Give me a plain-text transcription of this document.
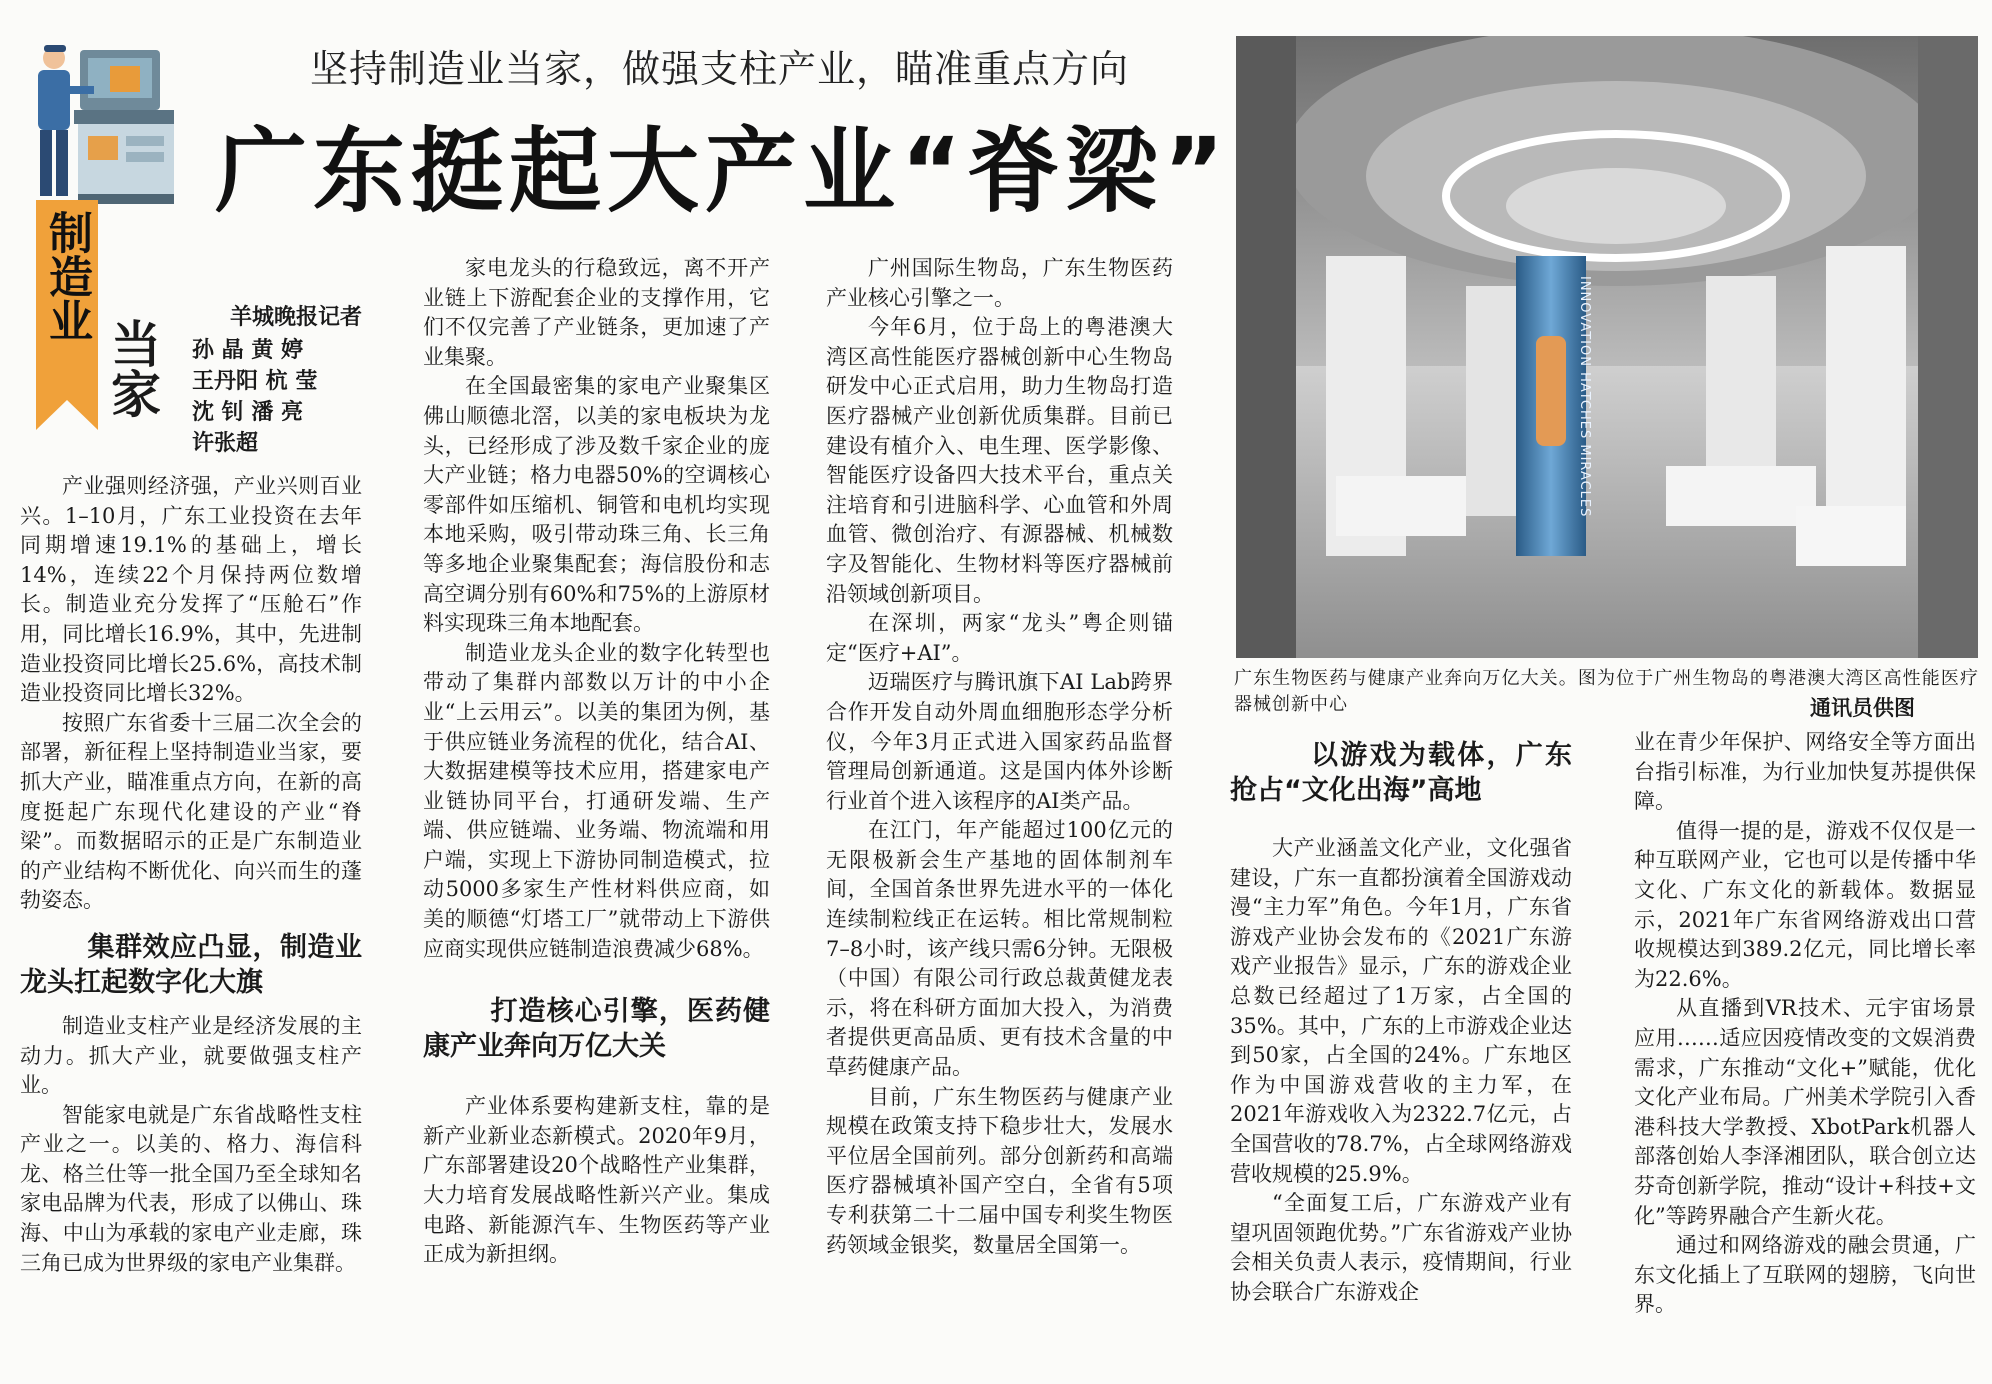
坚持制造业当家，做强支柱产业，瞄准重点方向
广东挺起大产业“脊梁”
制造业
当家
羊城晚报记者
孙 晶 黄 婷
王丹阳 杭 莹
沈 钊 潘 亮
许张超

产业强则经济强，产业兴则百业兴。1–10月，广东工业投资在去年同期增速19.1%的基础上，增长14%，连续22个月保持两位数增长。制造业充分发挥了“压舱石”作用，同比增长16.9%，其中，先进制造业投资同比增长25.6%，高技术制造业投资同比增长32%。

按照广东省委十三届二次全会的部署，新征程上坚持制造业当家，要抓大产业，瞄准重点方向，在新的高度挺起广东现代化建设的产业“脊梁”。而数据昭示的正是广东制造业的产业结构不断优化、向兴而生的蓬勃姿态。

集群效应凸显，制造业龙头扛起数字化大旗

制造业支柱产业是经济发展的主动力。抓大产业，就要做强支柱产业。

智能家电就是广东省战略性支柱产业之一。以美的、格力、海信科龙、格兰仕等一批全国乃至全球知名家电品牌为代表，形成了以佛山、珠海、中山为承载的家电产业走廊，珠三角已成为世界级的家电产业集群。

家电龙头的行稳致远，离不开产业链上下游配套企业的支撑作用，它们不仅完善了产业链条，更加速了产业集聚。

在全国最密集的家电产业聚集区佛山顺德北滘，以美的家电板块为龙头，已经形成了涉及数千家企业的庞大产业链；格力电器50%的空调核心零部件如压缩机、铜管和电机均实现本地采购，吸引带动珠三角、长三角等多地企业聚集配套；海信股份和志高空调分别有60%和75%的上游原材料实现珠三角本地配套。

制造业龙头企业的数字化转型也带动了集群内部数以万计的中小企业“上云用云”。以美的集团为例，基于供应链业务流程的优化，结合AI、大数据建模等技术应用，搭建家电产业链协同平台，打通研发端、生产端、供应链端、业务端、物流端和用户端，实现上下游协同制造模式，拉动5000多家生产性材料供应商，如美的顺德“灯塔工厂”就带动上下游供应商实现供应链制造浪费减少68%。

打造核心引擎，医药健康产业奔向万亿大关

产业体系要构建新支柱，靠的是新产业新业态新模式。2020年9月，广东部署建设20个战略性产业集群，大力培育发展战略性新兴产业。集成电路、新能源汽车、生物医药等产业正成为新担纲。

广州国际生物岛，广东生物医药产业核心引擎之一。

今年6月，位于岛上的粤港澳大湾区高性能医疗器械创新中心生物岛研发中心正式启用，助力生物岛打造医疗器械产业创新优质集群。目前已建设有植介入、电生理、医学影像、智能医疗设备四大技术平台，重点关注培育和引进脑科学、心血管和外周血管、微创治疗、有源器械、机械数字及智能化、生物材料等医疗器械前沿领域创新项目。

在深圳，两家“龙头”粤企则锚定“医疗+AI”。

迈瑞医疗与腾讯旗下AI Lab跨界合作开发自动外周血细胞形态学分析仪，今年3月正式进入国家药品监督管理局创新通道。这是国内体外诊断行业首个进入该程序的AI类产品。

在江门，年产能超过100亿元的无限极新会生产基地的固体制剂车间，全国首条世界先进水平的一体化连续制粒线正在运转。相比常规制粒7–8小时，该产线只需6分钟。无限极（中国）有限公司行政总裁黄健龙表示，将在科研方面加大投入，为消费者提供更高品质、更有技术含量的中草药健康产品。

目前，广东生物医药与健康产业规模在政策支持下稳步壮大，发展水平位居全国前列。部分创新药和高端医疗器械填补国产空白，全省有5项专利获第二十二届中国专利奖生物医药领域金银奖，数量居全国第一。

INNOVATION HATCHES MIRACLES
广东生物医药与健康产业奔向万亿大关。图为位于广州生物岛的粤港澳大湾区高性能医疗器械创新中心	通讯员供图
以游戏为载体，广东抢占“文化出海”高地

大产业涵盖文化产业，文化强省建设，广东一直都扮演着全国游戏动漫“主力军”角色。今年1月，广东省游戏产业协会发布的《2021广东游戏产业报告》显示，广东的游戏企业总数已经超过了1万家，占全国的35%。其中，广东的上市游戏企业达到50家，占全国的24%。广东地区作为中国游戏营收的主力军，在2021年游戏收入为2322.7亿元，占全国营收的78.7%，占全球网络游戏营收规模的25.9%。

“全面复工后，广东游戏产业有望巩固领跑优势。”广东省游戏产业协会相关负责人表示，疫情期间，行业协会联合广东游戏企

业在青少年保护、网络安全等方面出台指引标准，为行业加快复苏提供保障。

值得一提的是，游戏不仅仅是一种互联网产业，它也可以是传播中华文化、广东文化的新载体。数据显示，2021年广东省网络游戏出口营收规模达到389.2亿元，同比增长率为22.6%。

从直播到VR技术、元宇宙场景应用……适应因疫情改变的文娱消费需求，广东推动“文化+”赋能，优化文化产业布局。广州美术学院引入香港科技大学教授、XbotPark机器人部落创始人李泽湘团队，联合创立达芬奇创新学院，推动“设计+科技+文化”等跨界融合产生新火花。

通过和网络游戏的融会贯通，广东文化插上了互联网的翅膀，飞向世界。
